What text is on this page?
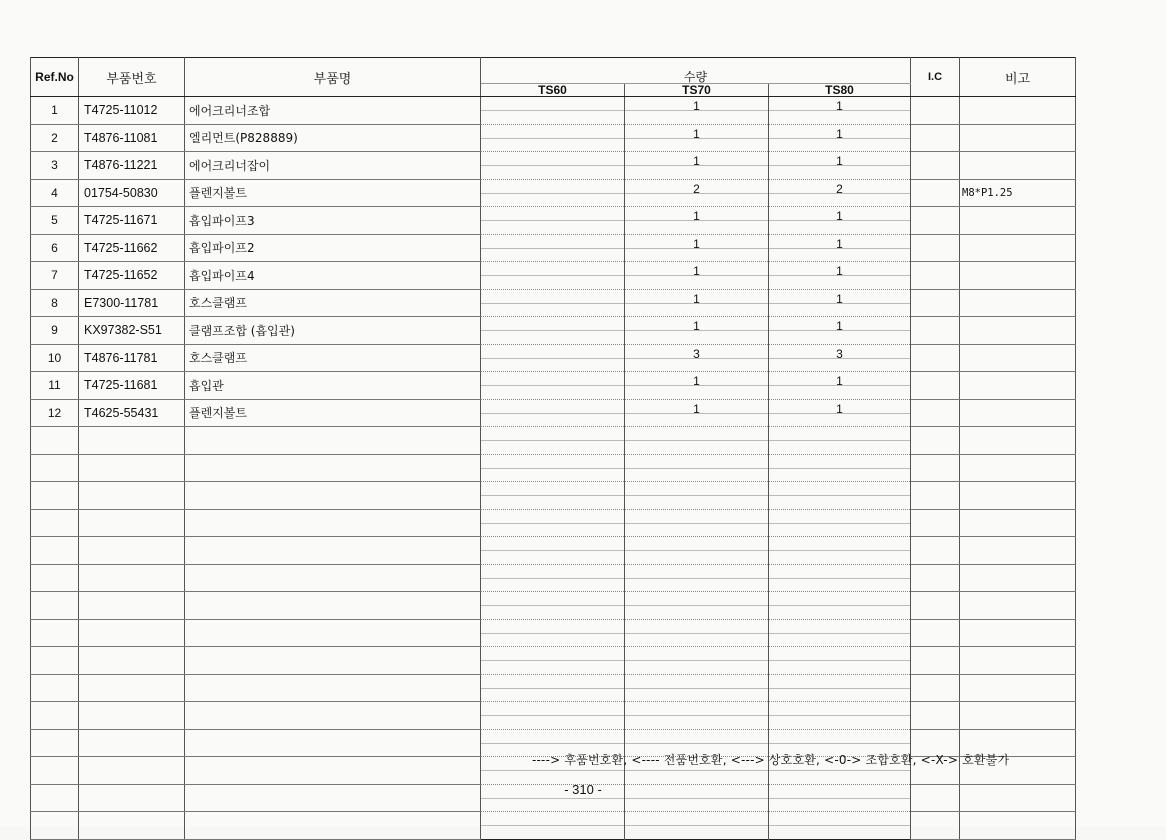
Ref.No	부품번호	부품명	수량			I.C	비고
			TS60	TS70	TS80		
1	T4725-11012	에어크리너조합		1	1		
2	T4876-11081	엘리먼트(P828889)		1	1		
3	T4876-11221	에어크리너잡이		1	1		
4	01754-50830	플렌지볼트		2	2		M8*P1.25
5	T4725-11671	흡입파이프3		1	1		
6	T4725-11662	흡입파이프2		1	1		
7	T4725-11652	흡입파이프4		1	1		
8	E7300-11781	호스클램프		1	1		
9	KX97382-S51	클램프조합 (흡입관)		1	1		
10	T4876-11781	호스클램프		3	3		
11	T4725-11681	흡입관		1	1		
12	T4625-55431	플렌지볼트		1	1		

----> 후품번호환, <---- 전품번호환, <---> 상호호환, <-0-> 조합호환, <-X-> 호환불가
- 310 -
